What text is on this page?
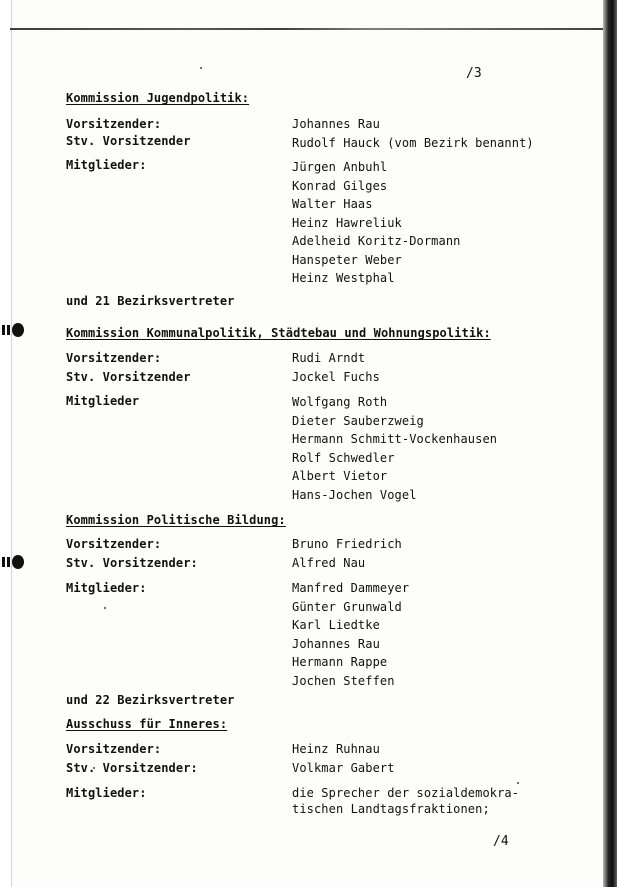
/3
Kommission Jugendpolitik:
Vorsitzender:	Johannes Rau
Stv. Vorsitzender	Rudolf Hauck (vom Bezirk benannt)
Mitglieder:	Jürgen Anbuhl
Konrad Gilges
Walter Haas
Heinz Hawreliuk
Adelheid Koritz-Dormann
Hanspeter Weber
Heinz Westphal
und 21 Bezirksvertreter
Kommission Kommunalpolitik, Städtebau und Wohnungspolitik:
Vorsitzender:	Rudi Arndt
Stv. Vorsitzender	Jockel Fuchs
Mitglieder	Wolfgang Roth
Dieter Sauberzweig
Hermann Schmitt-Vockenhausen
Rolf Schwedler
Albert Vietor
Hans-Jochen Vogel
Kommission Politische Bildung:
Vorsitzender:	Bruno Friedrich
Stv. Vorsitzender:	Alfred Nau
Mitglieder:	Manfred Dammeyer
Günter Grunwald
Karl Liedtke
Johannes Rau
Hermann Rappe
Jochen Steffen
und 22 Bezirksvertreter
Ausschuss für Inneres:
Vorsitzender:	Heinz Ruhnau
Stv. Vorsitzender:	Volkmar Gabert
Mitglieder:	die Sprecher der sozialdemokra-
tischen Landtagsfraktionen;
/4
